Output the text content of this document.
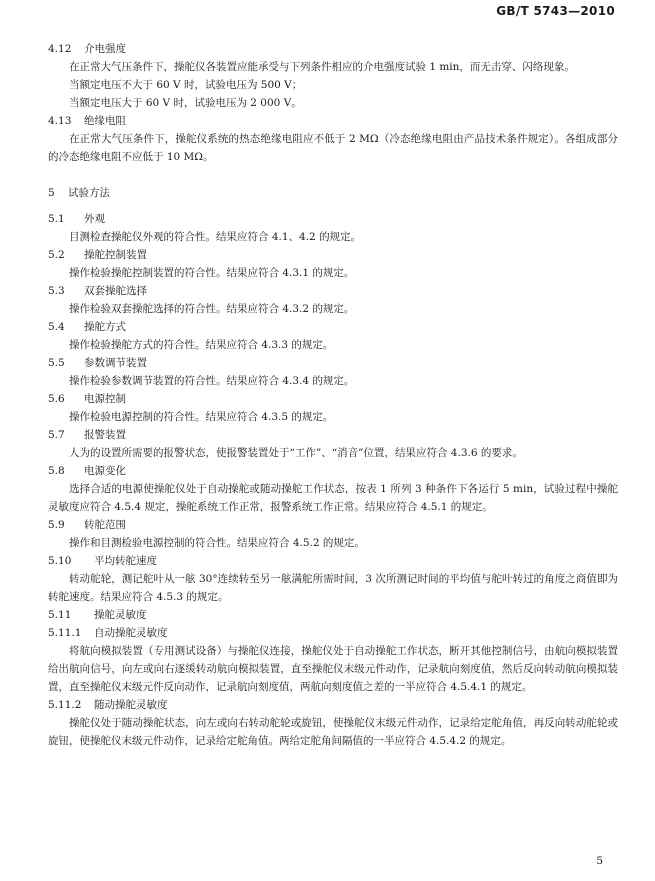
GB/T 5743—2010
4.12 介电强度

在正常大气压条件下，操舵仪各装置应能承受与下列条件相应的介电强度试验 1 min，而无击穿、闪络现象。

当额定电压不大于 60 V 时，试验电压为 500 V；

当额定电压大于 60 V 时，试验电压为 2 000 V。

4.13 绝缘电阻

在正常大气压条件下，操舵仪系统的热态绝缘电阻应不低于 2 MΩ（冷态绝缘电阻由产品技术条件规定）。各组成部分的冷态绝缘电阻不应低于 10 MΩ。

5 试验方法
5.1 外观

目测检查操舵仪外观的符合性。结果应符合 4.1、4.2 的规定。

5.2 操舵控制装置

操作检验操舵控制装置的符合性。结果应符合 4.3.1 的规定。

5.3 双套操舵选择

操作检验双套操舵选择的符合性。结果应符合 4.3.2 的规定。

5.4 操舵方式

操作检验操舵方式的符合性。结果应符合 4.3.3 的规定。

5.5 参数调节装置

操作检验参数调节装置的符合性。结果应符合 4.3.4 的规定。

5.6 电源控制

操作检验电源控制的符合性。结果应符合 4.3.5 的规定。

5.7 报警装置

人为的设置所需要的报警状态，使报警装置处于“工作”、“消音”位置，结果应符合 4.3.6 的要求。

5.8 电源变化

选择合适的电源使操舵仪处于自动操舵或随动操舵工作状态，按表 1 所列 3 种条件下各运行 5 min，试验过程中操舵灵敏度应符合 4.5.4 规定，操舵系统工作正常，报警系统工作正常。结果应符合 4.5.1 的规定。

5.9 转舵范围

操作和目测检验电源控制的符合性。结果应符合 4.5.2 的规定。

5.10 平均转舵速度

转动舵轮，测记舵叶从一舷 30°连续转至另一舷满舵所需时间，3 次所测记时间的平均值与舵叶转过的角度之商值即为转舵速度。结果应符合 4.5.3 的规定。

5.11 操舵灵敏度
5.11.1 自动操舵灵敏度

将航向模拟装置（专用测试设备）与操舵仪连接，操舵仪处于自动操舵工作状态，断开其他控制信号，由航向模拟装置给出航向信号，向左或向右逐缓转动航向模拟装置，直至操舵仪末级元件动作，记录航向刻度值，然后反向转动航向模拟装置，直至操舵仪末级元件反向动作，记录航向刻度值，两航向刻度值之差的一半应符合 4.5.4.1 的规定。

5.11.2 随动操舵灵敏度

操舵仪处于随动操舵状态，向左或向右转动舵轮或旋钮，使操舵仪末级元件动作，记录给定舵角值，再反向转动舵轮或旋钮，使操舵仪末级元件动作，记录给定舵角值。两给定舵角间隔值的一半应符合 4.5.4.2 的规定。

5
